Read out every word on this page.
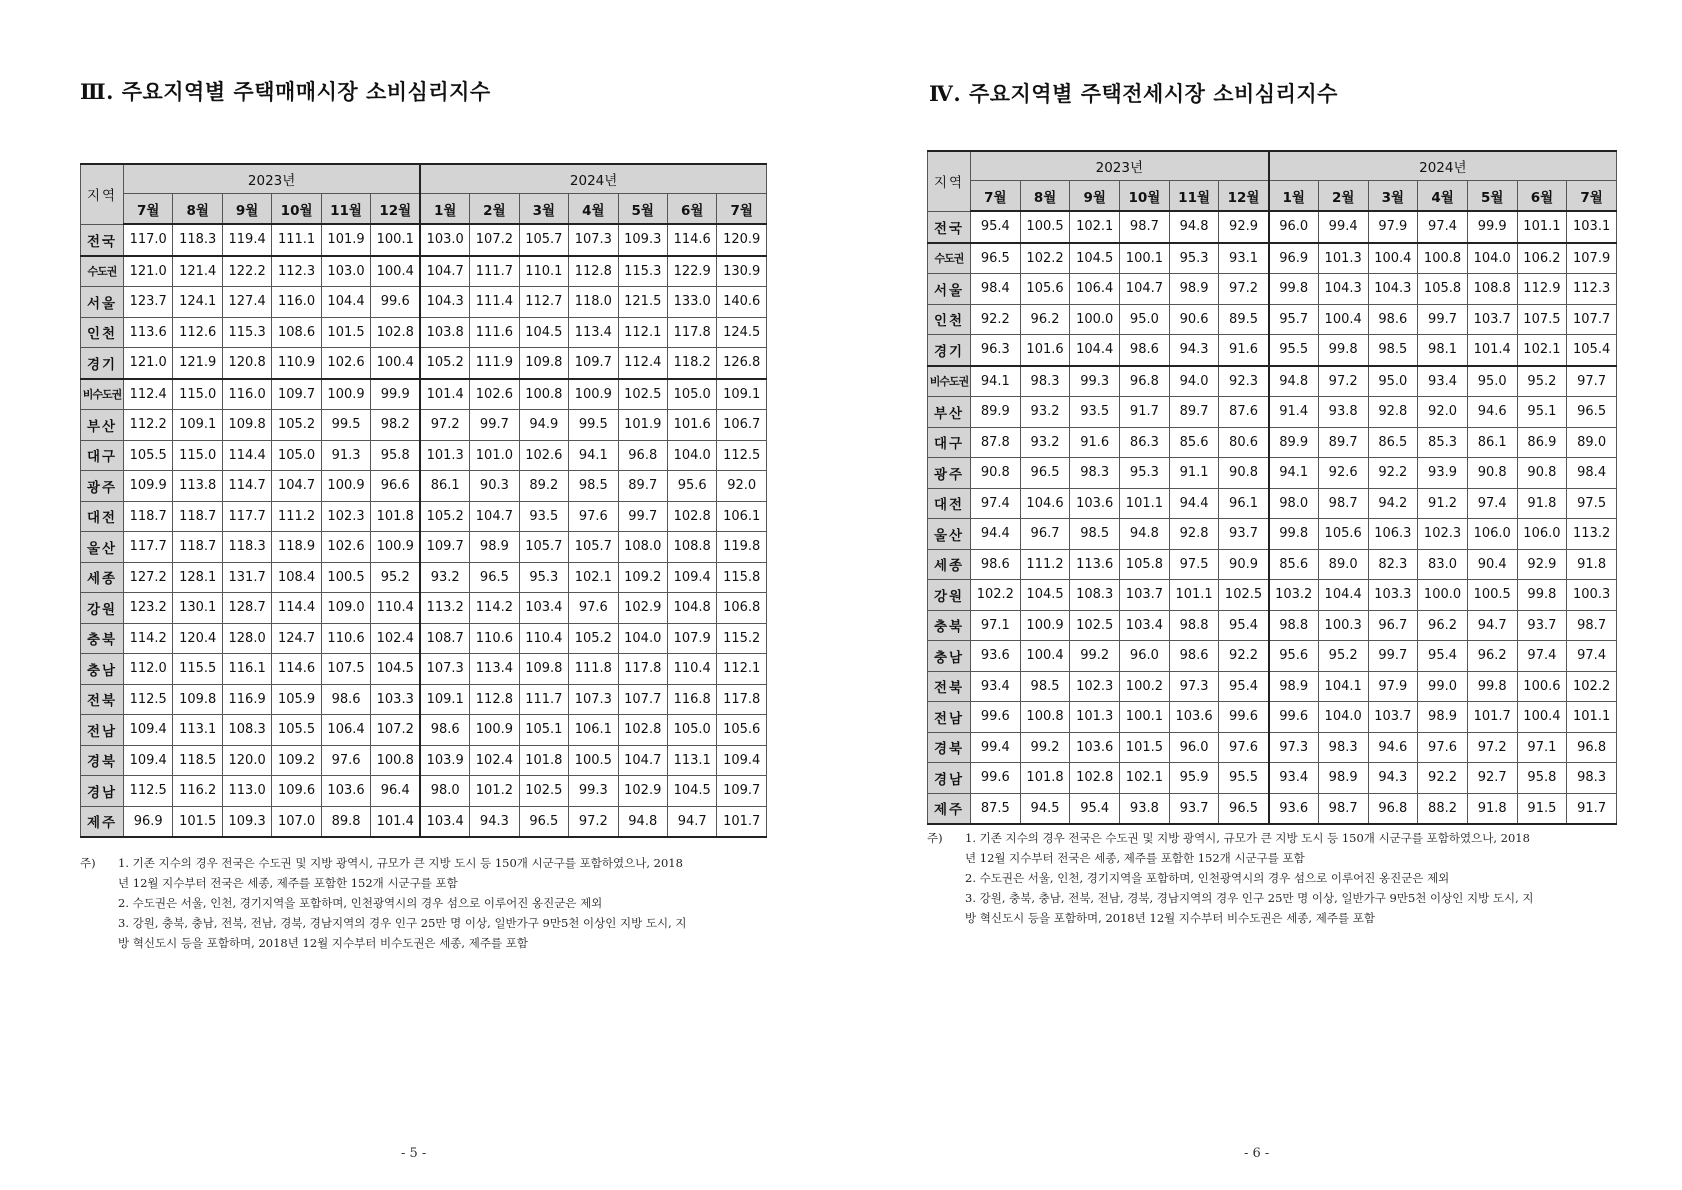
Ⅲ. 주요지역별 주택매매시장 소비심리지수
지역	2023년						2024년						
	7월	8월	9월	10월	11월	12월	1월	2월	3월	4월	5월	6월	7월
전국	117.0	118.3	119.4	111.1	101.9	100.1	103.0	107.2	105.7	107.3	109.3	114.6	120.9
수도권	121.0	121.4	122.2	112.3	103.0	100.4	104.7	111.7	110.1	112.8	115.3	122.9	130.9
서울	123.7	124.1	127.4	116.0	104.4	99.6	104.3	111.4	112.7	118.0	121.5	133.0	140.6
인천	113.6	112.6	115.3	108.6	101.5	102.8	103.8	111.6	104.5	113.4	112.1	117.8	124.5
경기	121.0	121.9	120.8	110.9	102.6	100.4	105.2	111.9	109.8	109.7	112.4	118.2	126.8
비수도권	112.4	115.0	116.0	109.7	100.9	99.9	101.4	102.6	100.8	100.9	102.5	105.0	109.1
부산	112.2	109.1	109.8	105.2	99.5	98.2	97.2	99.7	94.9	99.5	101.9	101.6	106.7
대구	105.5	115.0	114.4	105.0	91.3	95.8	101.3	101.0	102.6	94.1	96.8	104.0	112.5
광주	109.9	113.8	114.7	104.7	100.9	96.6	86.1	90.3	89.2	98.5	89.7	95.6	92.0
대전	118.7	118.7	117.7	111.2	102.3	101.8	105.2	104.7	93.5	97.6	99.7	102.8	106.1
울산	117.7	118.7	118.3	118.9	102.6	100.9	109.7	98.9	105.7	105.7	108.0	108.8	119.8
세종	127.2	128.1	131.7	108.4	100.5	95.2	93.2	96.5	95.3	102.1	109.2	109.4	115.8
강원	123.2	130.1	128.7	114.4	109.0	110.4	113.2	114.2	103.4	97.6	102.9	104.8	106.8
충북	114.2	120.4	128.0	124.7	110.6	102.4	108.7	110.6	110.4	105.2	104.0	107.9	115.2
충남	112.0	115.5	116.1	114.6	107.5	104.5	107.3	113.4	109.8	111.8	117.8	110.4	112.1
전북	112.5	109.8	116.9	105.9	98.6	103.3	109.1	112.8	111.7	107.3	107.7	116.8	117.8
전남	109.4	113.1	108.3	105.5	106.4	107.2	98.6	100.9	105.1	106.1	102.8	105.0	105.6
경북	109.4	118.5	120.0	109.2	97.6	100.8	103.9	102.4	101.8	100.5	104.7	113.1	109.4
경남	112.5	116.2	113.0	109.6	103.6	96.4	98.0	101.2	102.5	99.3	102.9	104.5	109.7
제주	96.9	101.5	109.3	107.0	89.8	101.4	103.4	94.3	96.5	97.2	94.8	94.7	101.7
주) 1. 기존 지수의 경우 전국은 수도권 및 지방 광역시, 규모가 큰 지방 도시 등 150개 시군구를 포함하였으나, 2018
년 12월 지수부터 전국은 세종, 제주를 포함한 152개 시군구를 포함
2. 수도권은 서울, 인천, 경기지역을 포함하며, 인천광역시의 경우 섬으로 이루어진 옹진군은 제외
3. 강원, 충북, 충남, 전북, 전남, 경북, 경남지역의 경우 인구 25만 명 이상, 일반가구 9만5천 이상인 지방 도시, 지
방 혁신도시 등을 포함하며, 2018년 12월 지수부터 비수도권은 세종, 제주를 포함
- 5 -
Ⅳ. 주요지역별 주택전세시장 소비심리지수
지역	2023년						2024년						
	7월	8월	9월	10월	11월	12월	1월	2월	3월	4월	5월	6월	7월
전국	95.4	100.5	102.1	98.7	94.8	92.9	96.0	99.4	97.9	97.4	99.9	101.1	103.1
수도권	96.5	102.2	104.5	100.1	95.3	93.1	96.9	101.3	100.4	100.8	104.0	106.2	107.9
서울	98.4	105.6	106.4	104.7	98.9	97.2	99.8	104.3	104.3	105.8	108.8	112.9	112.3
인천	92.2	96.2	100.0	95.0	90.6	89.5	95.7	100.4	98.6	99.7	103.7	107.5	107.7
경기	96.3	101.6	104.4	98.6	94.3	91.6	95.5	99.8	98.5	98.1	101.4	102.1	105.4
비수도권	94.1	98.3	99.3	96.8	94.0	92.3	94.8	97.2	95.0	93.4	95.0	95.2	97.7
부산	89.9	93.2	93.5	91.7	89.7	87.6	91.4	93.8	92.8	92.0	94.6	95.1	96.5
대구	87.8	93.2	91.6	86.3	85.6	80.6	89.9	89.7	86.5	85.3	86.1	86.9	89.0
광주	90.8	96.5	98.3	95.3	91.1	90.8	94.1	92.6	92.2	93.9	90.8	90.8	98.4
대전	97.4	104.6	103.6	101.1	94.4	96.1	98.0	98.7	94.2	91.2	97.4	91.8	97.5
울산	94.4	96.7	98.5	94.8	92.8	93.7	99.8	105.6	106.3	102.3	106.0	106.0	113.2
세종	98.6	111.2	113.6	105.8	97.5	90.9	85.6	89.0	82.3	83.0	90.4	92.9	91.8
강원	102.2	104.5	108.3	103.7	101.1	102.5	103.2	104.4	103.3	100.0	100.5	99.8	100.3
충북	97.1	100.9	102.5	103.4	98.8	95.4	98.8	100.3	96.7	96.2	94.7	93.7	98.7
충남	93.6	100.4	99.2	96.0	98.6	92.2	95.6	95.2	99.7	95.4	96.2	97.4	97.4
전북	93.4	98.5	102.3	100.2	97.3	95.4	98.9	104.1	97.9	99.0	99.8	100.6	102.2
전남	99.6	100.8	101.3	100.1	103.6	99.6	99.6	104.0	103.7	98.9	101.7	100.4	101.1
경북	99.4	99.2	103.6	101.5	96.0	97.6	97.3	98.3	94.6	97.6	97.2	97.1	96.8
경남	99.6	101.8	102.8	102.1	95.9	95.5	93.4	98.9	94.3	92.2	92.7	95.8	98.3
제주	87.5	94.5	95.4	93.8	93.7	96.5	93.6	98.7	96.8	88.2	91.8	91.5	91.7
주) 1. 기존 지수의 경우 전국은 수도권 및 지방 광역시, 규모가 큰 지방 도시 등 150개 시군구를 포함하였으나, 2018
년 12월 지수부터 전국은 세종, 제주를 포함한 152개 시군구를 포함
2. 수도권은 서울, 인천, 경기지역을 포함하며, 인천광역시의 경우 섬으로 이루어진 옹진군은 제외
3. 강원, 충북, 충남, 전북, 전남, 경북, 경남지역의 경우 인구 25만 명 이상, 일반가구 9만5천 이상인 지방 도시, 지
방 혁신도시 등을 포함하며, 2018년 12월 지수부터 비수도권은 세종, 제주를 포함
- 6 -
